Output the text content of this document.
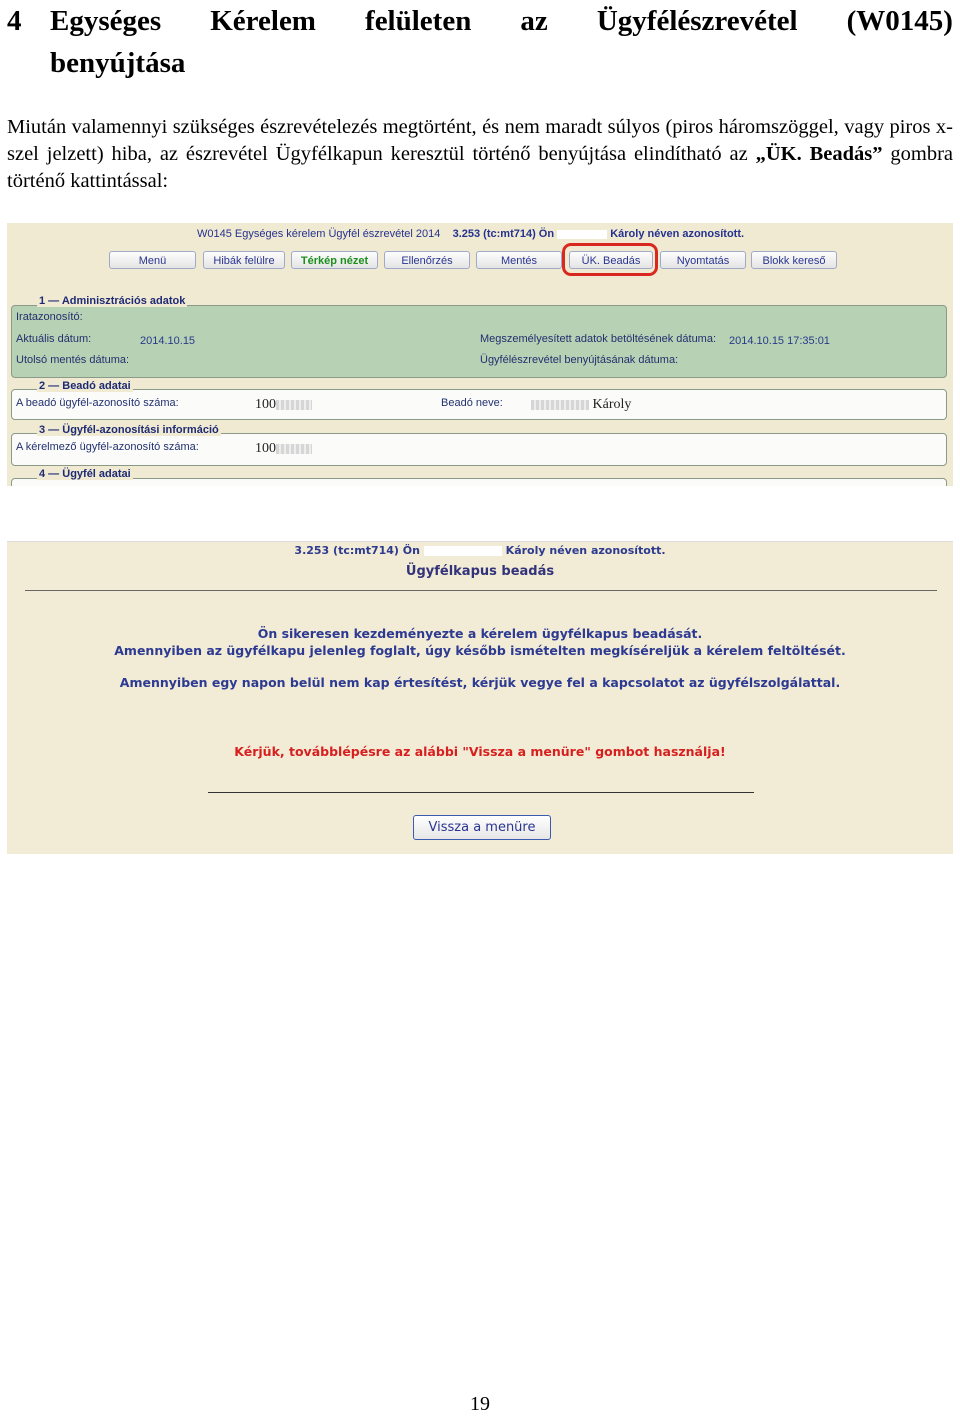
4 Egységes Kérelem felületen az Ügyfélészrevétel (W0145)
benyújtása

Miután valamennyi szükséges észrevételezés megtörtént, és nem maradt súlyos (piros háromszöggel, vagy piros x-szel jelzett) hiba, az észrevétel Ügyfélkapun keresztül történő benyújtása elindítható az „ÜK. Beadás” gombra történő kattintással:

W0145 Egységes kérelem Ügyfél észrevétel 2014 3.253 (tc:mt714) Ön	Károly néven azonosított.
Menü	Hibák felülre	Térkép nézet	Ellenőrzés	Mentés	ÜK. Beadás	Nyomtatás	Blokk kereső
1 — Adminisztrációs adatok
Iratazonosító:
Aktuális dátum:	2014.10.15
Utolsó mentés dátuma:
Megszemélyesített adatok betöltésének dátuma: 2014.10.15 17:35:01
Ügyfélészrevétel benyújtásának dátuma:
2 — Beadó adatai
A beadó ügyfél-azonosító száma:	100	Beadó neve:	Károly
3 — Ügyfél-azonosítási információ
A kérelmező ügyfél-azonosító száma:	100
4 — Ügyfél adatai
3.253 (tc:mt714) Ön	Károly néven azonosított.
Ügyfélkapus beadás
Ön sikeresen kezdeményezte a kérelem ügyfélkapus beadását.
Amennyiben az ügyfélkapu jelenleg foglalt, úgy később ismételten megkíséreljük a kérelem feltöltését.
Amennyiben egy napon belül nem kap értesítést, kérjük vegye fel a kapcsolatot az ügyfélszolgálattal.
Kérjük, továbblépésre az alábbi "Vissza a menüre" gombot használja!
Vissza a menüre
19
